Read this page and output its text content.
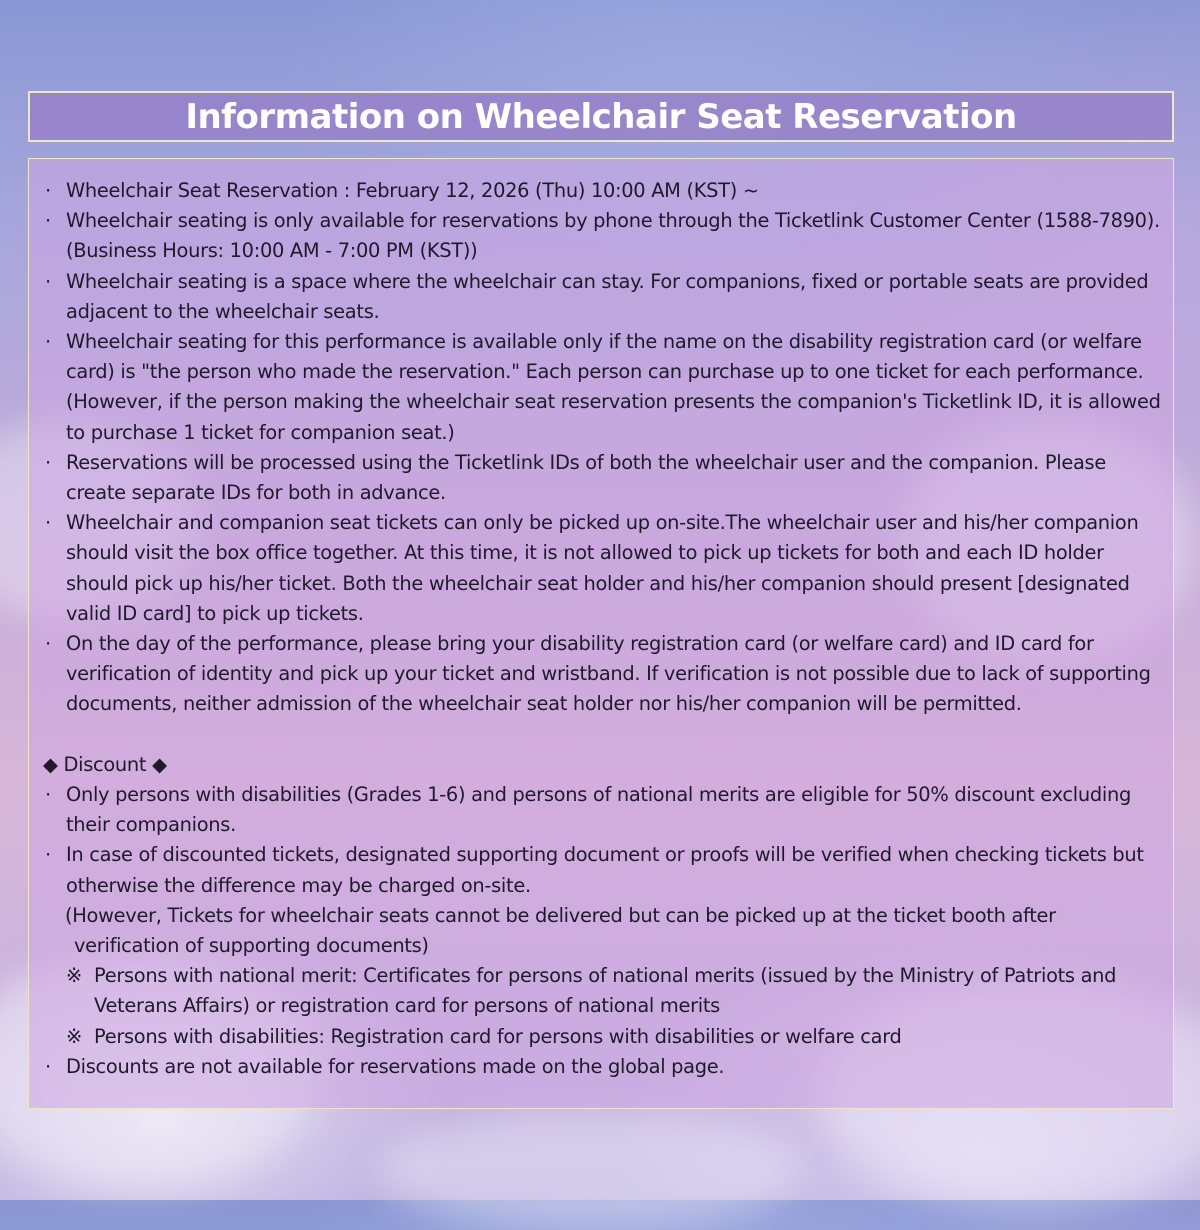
Information on Wheelchair Seat Reservation
· Wheelchair Seat Reservation : February 12, 2026 (Thu) 10:00 AM (KST) ~
· Wheelchair seating is only available for reservations by phone through the Ticketlink Customer Center (1588-7890). (Business Hours: 10:00 AM - 7:00 PM (KST))
· Wheelchair seating is a space where the wheelchair can stay. For companions, fixed or portable seats are provided adjacent to the wheelchair seats.
· Wheelchair seating for this performance is available only if the name on the disability registration card (or welfare card) is "the person who made the reservation." Each person can purchase up to one ticket for each performance. (However, if the person making the wheelchair seat reservation presents the companion's Ticketlink ID, it is allowed to purchase 1 ticket for companion seat.)
· Reservations will be processed using the Ticketlink IDs of both the wheelchair user and the companion. Please create separate IDs for both in advance.
· Wheelchair and companion seat tickets can only be picked up on-site.The wheelchair user and his/her companion should visit the box office together. At this time, it is not allowed to pick up tickets for both and each ID holder should pick up his/her ticket. Both the wheelchair seat holder and his/her companion should present [designated valid ID card] to pick up tickets.
· On the day of the performance, please bring your disability registration card (or welfare card) and ID card for verification of identity and pick up your ticket and wristband. If verification is not possible due to lack of supporting documents, neither admission of the wheelchair seat holder nor his/her companion will be permitted.
◆ Discount ◆
· Only persons with disabilities (Grades 1-6) and persons of national merits are eligible for 50% discount excluding their companions.
· In case of discounted tickets, designated supporting document or proofs will be verified when checking tickets but otherwise the difference may be charged on-site.
(However, Tickets for wheelchair seats cannot be delivered but can be picked up at the ticket booth after
verification of supporting documents)
※ Persons with national merit: Certificates for persons of national merits (issued by the Ministry of Patriots and Veterans Affairs) or registration card for persons of national merits
※ Persons with disabilities: Registration card for persons with disabilities or welfare card
· Discounts are not available for reservations made on the global page.
